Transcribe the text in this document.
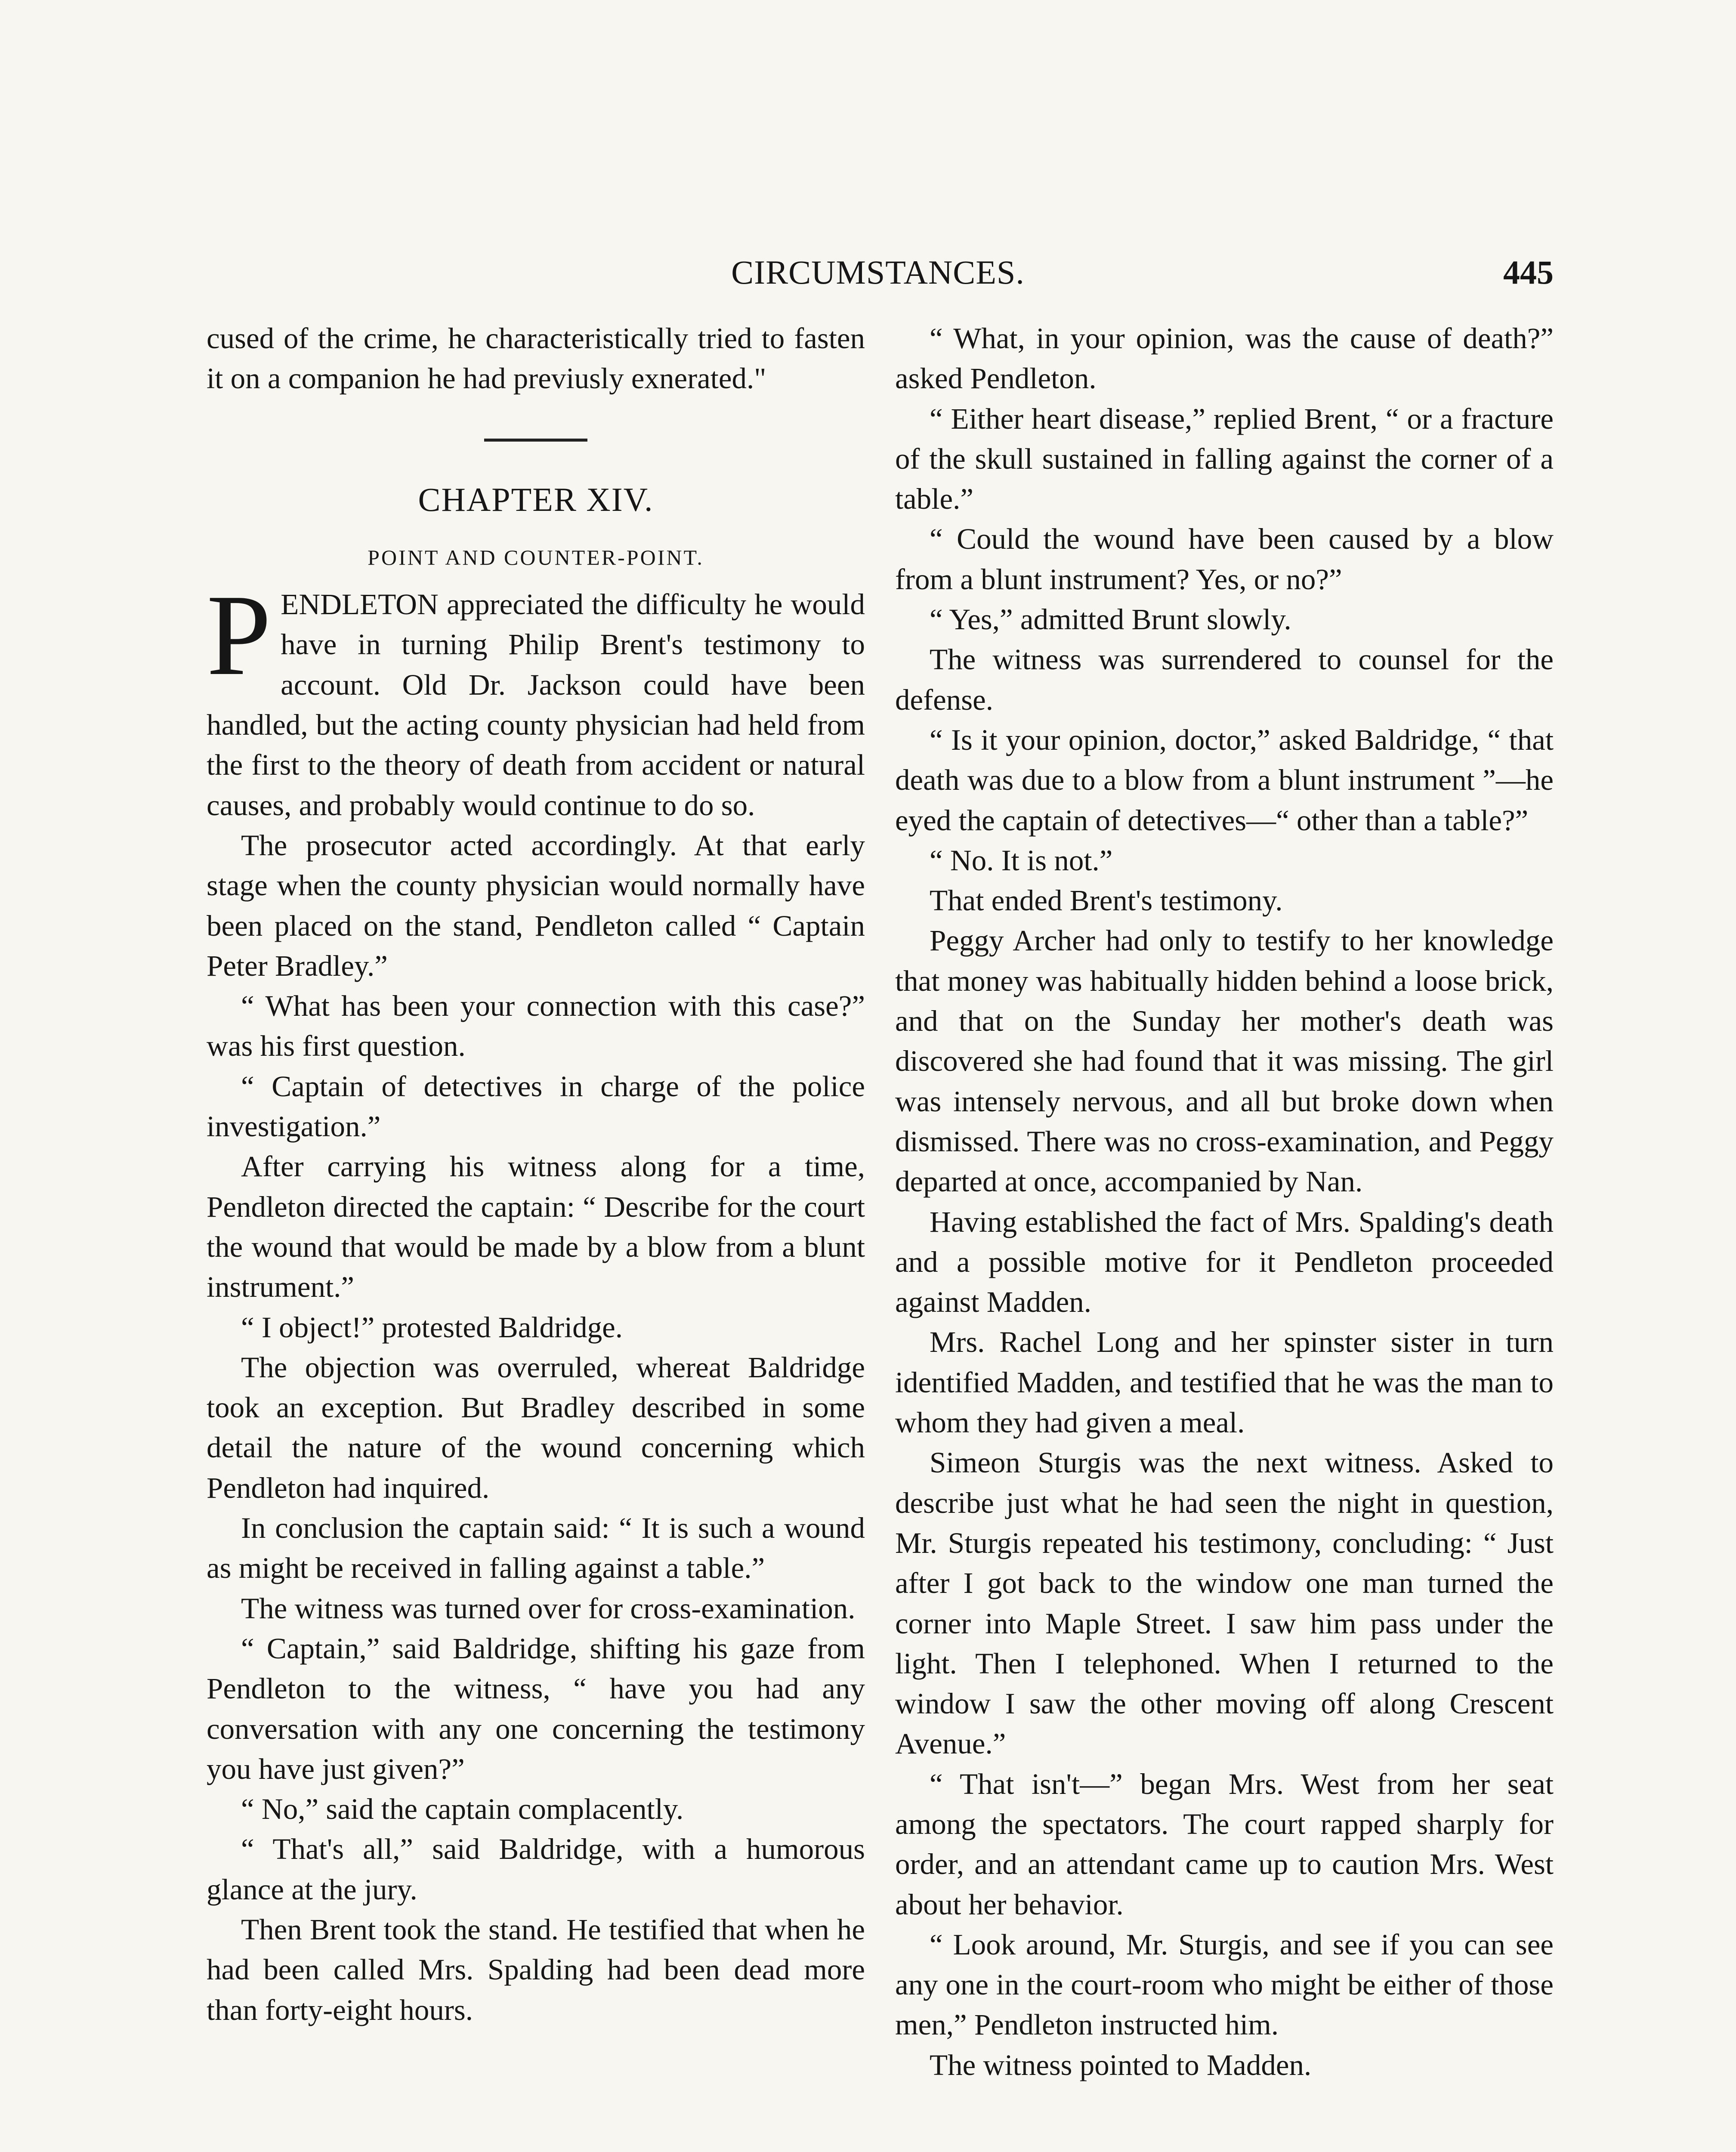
CIRCUMSTANCES.	445

cused of the crime, he characteristically tried to fasten it on a companion he had previusly exnerated."

CHAPTER XIV.
POINT AND COUNTER-POINT.

PENDLETON appreciated the difficulty he would have in turning Philip Brent's testimony to account. Old Dr. Jackson could have been handled, but the acting county physician had held from the first to the theory of death from accident or natural causes, and probably would continue to do so.

The prosecutor acted accordingly. At that early stage when the county physician would normally have been placed on the stand, Pendleton called “ Captain Peter Bradley.”

“ What has been your connection with this case?” was his first question.

“ Captain of detectives in charge of the police investigation.”

After carrying his witness along for a time, Pendleton directed the captain: “ Describe for the court the wound that would be made by a blow from a blunt instrument.”

“ I object!” protested Baldridge.

The objection was overruled, whereat Baldridge took an exception. But Bradley described in some detail the nature of the wound concerning which Pendleton had inquired.

In conclusion the captain said: “ It is such a wound as might be received in falling against a table.”

The witness was turned over for cross-examination.

“ Captain,” said Baldridge, shifting his gaze from Pendleton to the witness, “ have you had any conversation with any one concerning the testimony you have just given?”

“ No,” said the captain complacently.

“ That's all,” said Baldridge, with a humorous glance at the jury.

Then Brent took the stand. He testified that when he had been called Mrs. Spalding had been dead more than forty-eight hours.

“ What, in your opinion, was the cause of death?” asked Pendleton.

“ Either heart disease,” replied Brent, “ or a fracture of the skull sustained in falling against the corner of a table.”

“ Could the wound have been caused by a blow from a blunt instrument? Yes, or no?”

“ Yes,” admitted Brunt slowly.

The witness was surrendered to counsel for the defense.

“ Is it your opinion, doctor,” asked Baldridge, “ that death was due to a blow from a blunt instrument ”—he eyed the captain of detectives—“ other than a table?”

“ No. It is not.”

That ended Brent's testimony.

Peggy Archer had only to testify to her knowledge that money was habitually hidden behind a loose brick, and that on the Sunday her mother's death was discovered she had found that it was missing. The girl was intensely nervous, and all but broke down when dismissed. There was no cross-examination, and Peggy departed at once, accompanied by Nan.

Having established the fact of Mrs. Spalding's death and a possible motive for it Pendleton proceeded against Madden.

Mrs. Rachel Long and her spinster sister in turn identified Madden, and testified that he was the man to whom they had given a meal.

Simeon Sturgis was the next witness. Asked to describe just what he had seen the night in question, Mr. Sturgis repeated his testimony, concluding: “ Just after I got back to the window one man turned the corner into Maple Street. I saw him pass under the light. Then I telephoned. When I returned to the window I saw the other moving off along Crescent Avenue.”

“ That isn't—” began Mrs. West from her seat among the spectators. The court rapped sharply for order, and an attendant came up to caution Mrs. West about her behavior.

“ Look around, Mr. Sturgis, and see if you can see any one in the court-room who might be either of those men,” Pendleton instructed him.

The witness pointed to Madden.
